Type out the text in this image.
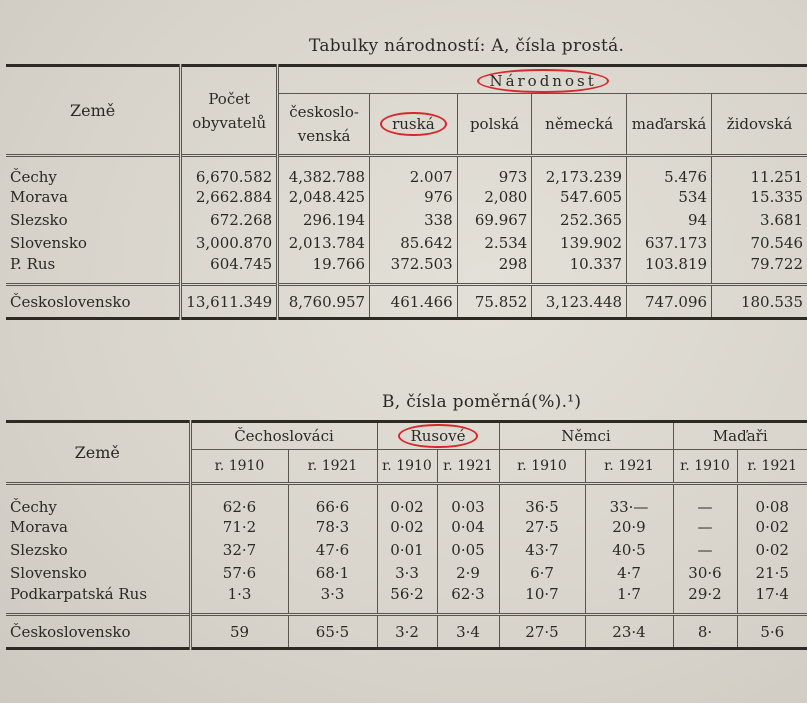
Tabulky národností: A, čísla prostá.
Země	Počet obyvatelů	Národnost					
		českoslo-venská	ruská	polská	německá	maďarská	židovská
Čechy	6,670.582	4,382.788	2.007	973	2,173.239	5.476	11.251
Morava	2,662.884	2,048.425	976	2,080	547.605	534	15.335
Slezsko	672.268	296.194	338	69.967	252.365	94	3.681
Slovensko	3,000.870	2,013.784	85.642	2.534	139.902	637.173	70.546
P. Rus	604.745	19.766	372.503	298	10.337	103.819	79.722
Československo	13,611.349	8,760.957	461.466	75.852	3,123.448	747.096	180.535
B, čísla poměrná(%).¹)
Země	Čechoslováci		Rusové		Němci		Maďaři	
	r. 1910	r. 1921	r. 1910	r. 1921	r. 1910	r. 1921	r. 1910	r. 1921
Čechy	62·6	66·6	0·02	0·03	36·5	33·—	—	0·08
Morava	71·2	78·3	0·02	0·04	27·5	20·9	—	0·02
Slezsko	32·7	47·6	0·01	0·05	43·7	40·5	—	0·02
Slovensko	57·6	68·1	3·3	2·9	6·7	4·7	30·6	21·5
Podkarpatská Rus	1·3	3·3	56·2	62·3	10·7	1·7	29·2	17·4
Československo	59	65·5	3·2	3·4	27·5	23·4	8·	5·6
